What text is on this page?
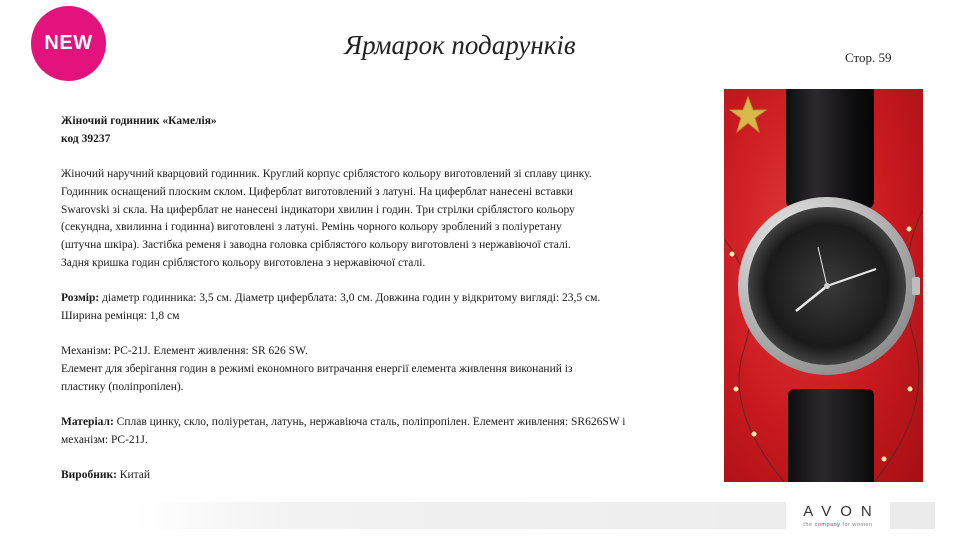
NEW	Ярмарок подарунків	Стор. 59

Жіночий годинник «Камелія»

код 39237

Жіночий наручний кварцовий годинник. Круглий корпус сріблястого кольору виготовлений зі сплаву цинку.

Годинник оснащений плоским склом. Циферблат виготовлений з латуні. На циферблат нанесені вставки

Swarovski зі скла. На циферблат не нанесені індикатори хвилин і годин. Три стрілки сріблястого кольору

(секундна, хвилинна і годинна) виготовлені з латуні. Ремінь чорного кольору зроблений з поліуретану

(штучна шкіра). Застібка ременя і заводна головка сріблястого кольору виготовлені з нержавіючої сталі.

Задня кришка годин сріблястого кольору виготовлена з нержавіючої сталі.

Розмір: діаметр годинника: 3,5 см. Діаметр циферблата: 3,0 см. Довжина годин у відкритому вигляді: 23,5 см.

Ширина ремінця: 1,8 см

Механізм: PC-21J. Елемент живлення: SR 626 SW.

Елемент для зберігання годин в режимі економного витрачання енергії елемента живлення виконаний із

пластику (поліпропілен).

Матеріал: Сплав цинку, скло, поліуретан, латунь, нержавіюча сталь, поліпропілен. Елемент живлення: SR626SW і

механізм: PC-21J.

Виробник: Китай

AVON
the company for women
